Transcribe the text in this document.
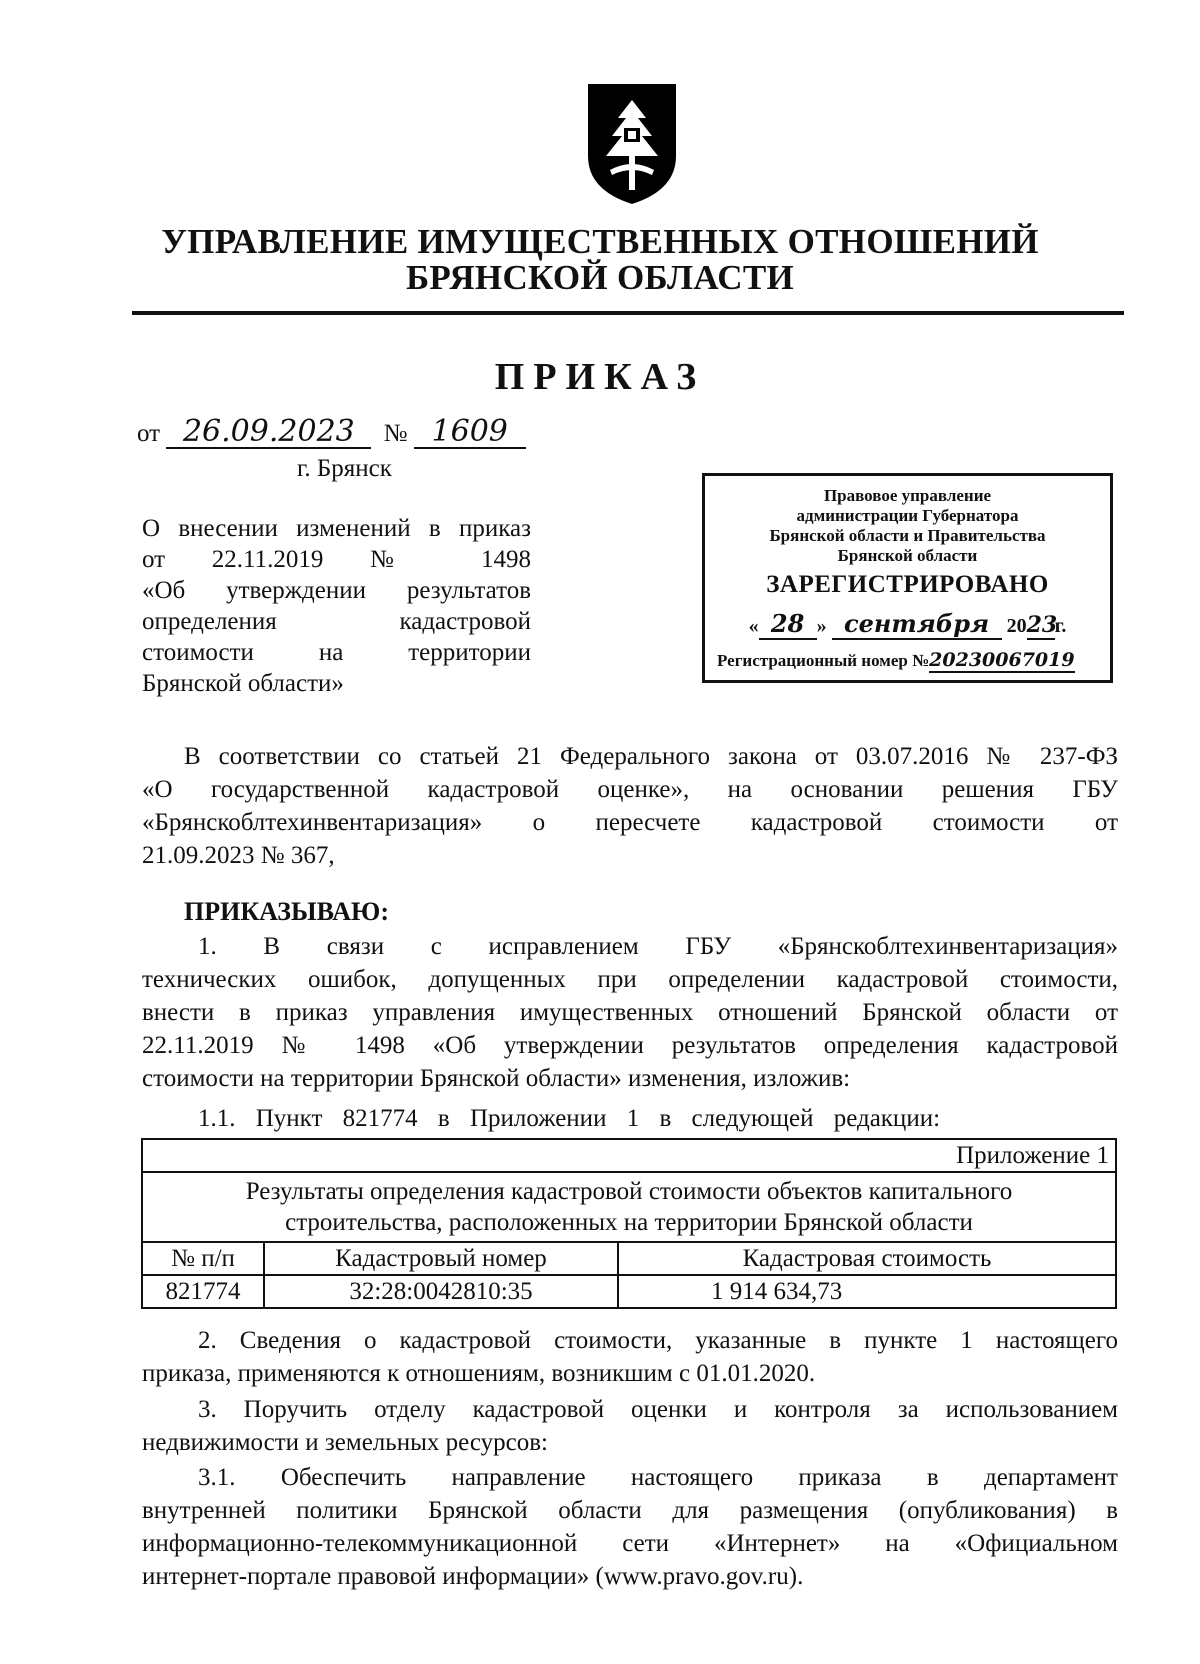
УПРАВЛЕНИЕ ИМУЩЕСТВЕННЫХ ОТНОШЕНИЙ
БРЯНСКОЙ ОБЛАСТИ
ПРИКАЗ
от 26.09.2023 № 1609
г. Брянск
О внесении изменений в приказ
от 22.11.2019 № 1498
«Об утверждении результатов
определения кадастровой
стоимости на территории
Брянской области»
Правовое управление
администрации Губернатора
Брянской области и Правительства
Брянской области
ЗАРЕГИСТРИРОВАНО
« 28 » сентября 2023г.
Регистрационный номер №20230067019
В соответствии со статьей 21 Федерального закона от 03.07.2016 № 237-ФЗ
«О государственной кадастровой оценке», на основании решения ГБУ
«Брянскоблтехинвентаризация» о пересчете кадастровой стоимости от
21.09.2023 № 367,
ПРИКАЗЫВАЮ:
1. В связи с исправлением ГБУ «Брянскоблтехинвентаризация»
технических ошибок, допущенных при определении кадастровой стоимости,
внести в приказ управления имущественных отношений Брянской области от
22.11.2019 № 1498 «Об утверждении результатов определения кадастровой
стоимости на территории Брянской области» изменения, изложив:
1.1. Пункт 821774 в Приложении 1 в следующей редакции:
Приложение 1		

Результаты определения кадастровой стоимости объектов капитального
строительства, расположенных на территории Брянской области		

№ п/п	Кадастровый номер	Кадастровая стоимость
821774	32:28:0042810:35	1 914 634,73
2. Сведения о кадастровой стоимости, указанные в пункте 1 настоящего
приказа, применяются к отношениям, возникшим с 01.01.2020.
3. Поручить отделу кадастровой оценки и контроля за использованием
недвижимости и земельных ресурсов:
3.1. Обеспечить направление настоящего приказа в департамент
внутренней политики Брянской области для размещения (опубликования) в
информационно-телекоммуникационной сети «Интернет» на «Официальном
интернет-портале правовой информации» (www.pravo.gov.ru).
